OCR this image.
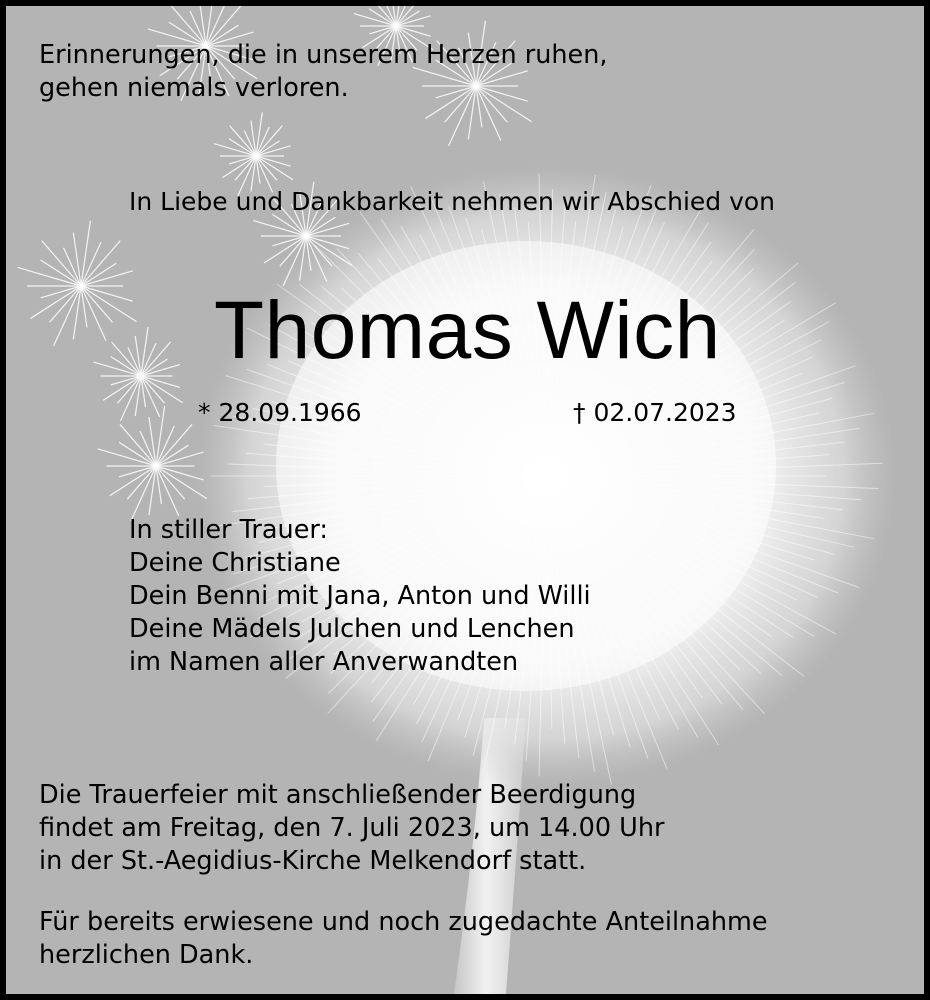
Erinnerungen, die in unserem Herzen ruhen,
gehen niemals verloren.
In Liebe und Dankbarkeit nehmen wir Abschied von
Thomas Wich
* 28.09.1966	† 02.07.2023
In stiller Trauer:
Deine Christiane
Dein Benni mit Jana, Anton und Willi
Deine Mädels Julchen und Lenchen
im Namen aller Anverwandten
Die Trauerfeier mit anschließender Beerdigung
findet am Freitag, den 7. Juli 2023, um 14.00 Uhr
in der St.-Aegidius-Kirche Melkendorf statt.
Für bereits erwiesene und noch zugedachte Anteilnahme
herzlichen Dank.
